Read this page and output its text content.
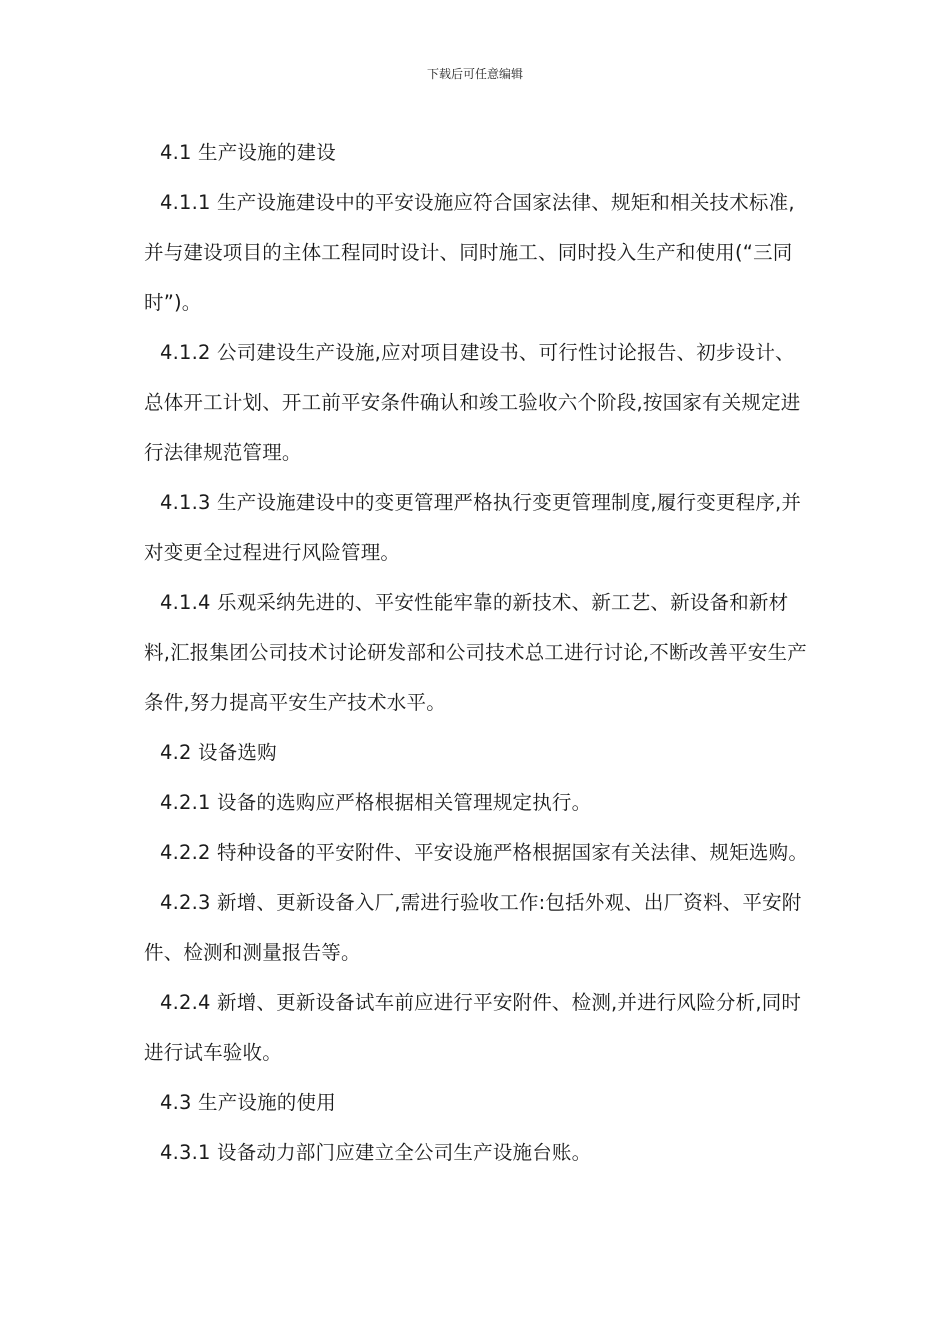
下载后可任意编辑

4.1 生产设施的建设

4.1.1 生产设施建设中的平安设施应符合国家法律、规矩和相关技术标准,并与建设项目的主体工程同时设计、同时施工、同时投入生产和使用(“三同时”)。

4.1.2 公司建设生产设施,应对项目建设书、可行性讨论报告、初步设计、总体开工计划、开工前平安条件确认和竣工验收六个阶段,按国家有关规定进行法律规范管理。

4.1.3 生产设施建设中的变更管理严格执行变更管理制度,履行变更程序,并对变更全过程进行风险管理。

4.1.4 乐观采纳先进的、平安性能牢靠的新技术、新工艺、新设备和新材料,汇报集团公司技术讨论研发部和公司技术总工进行讨论,不断改善平安生产条件,努力提高平安生产技术水平。

4.2 设备选购

4.2.1 设备的选购应严格根据相关管理规定执行。

4.2.2 特种设备的平安附件、平安设施严格根据国家有关法律、规矩选购。

4.2.3 新增、更新设备入厂,需进行验收工作:包括外观、出厂资料、平安附件、检测和测量报告等。

4.2.4 新增、更新设备试车前应进行平安附件、检测,并进行风险分析,同时进行试车验收。

4.3 生产设施的使用

4.3.1 设备动力部门应建立全公司生产设施台账。
